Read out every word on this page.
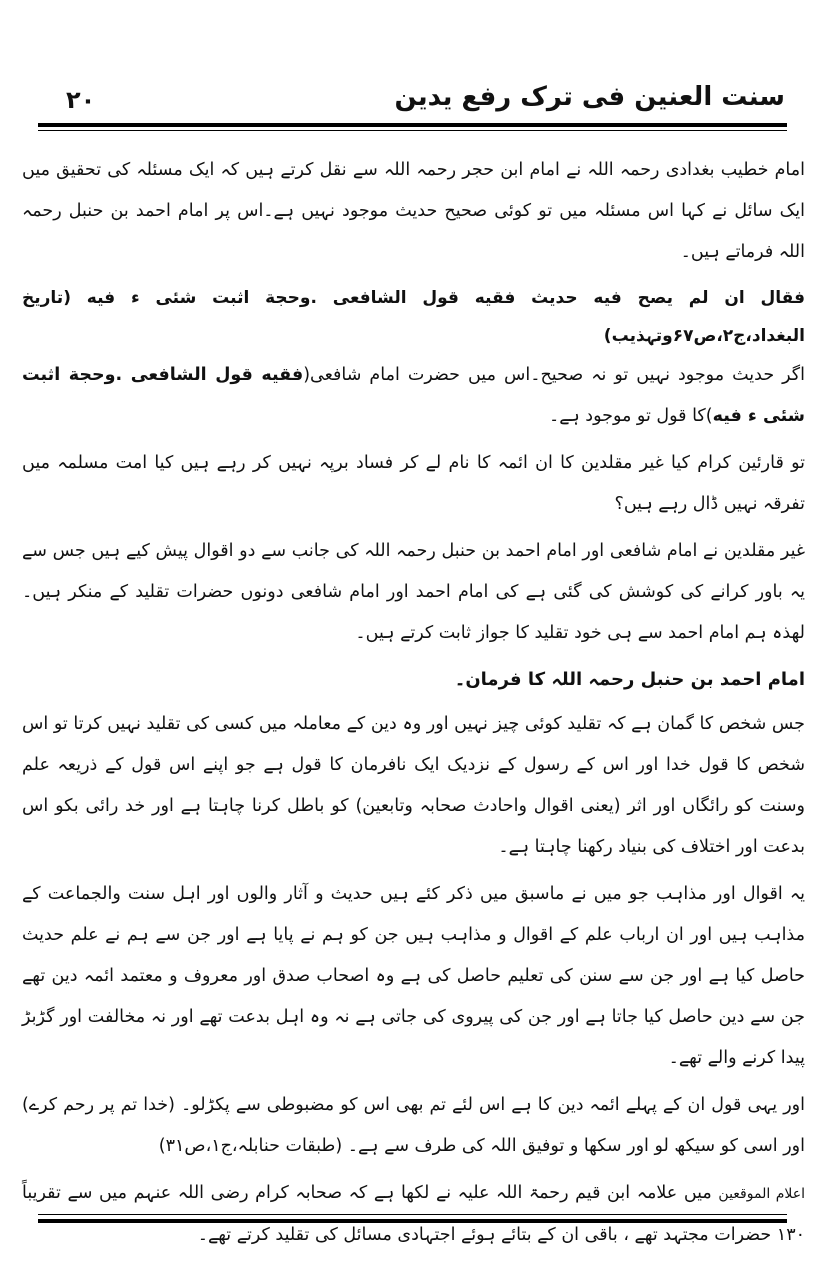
سنت العنین فی ترک رفع یدین
۲۰

امام خطیب بغدادی رحمہ اللہ نے امام ابن حجر رحمہ اللہ سے نقل کرتے ہیں کہ ایک مسئلہ کی تحقیق میں ایک سائل نے کہا اس مسئلہ میں تو کوئی صحیح حدیث موجود نہیں ہے۔اس پر امام احمد بن حنبل رحمہ اللہ فرماتے ہیں۔

فقال ان لم یصح فیه حدیث فقیه قول الشافعی .وحجة اثبت شئی ء فیه (تاریخ البغداد،ج۲،ص۶۷وتہذیب)

اگر حدیث موجود نہیں تو نہ صحیح۔اس میں حضرت امام شافعی(فقیه قول الشافعی .وحجة اثبت شئی ء فیه)کا قول تو موجود ہے۔

تو قارئین کرام کیا غیر مقلدین کا ان ائمہ کا نام لے کر فساد برپہ نہیں کر رہے ہیں کیا امت مسلمہ میں تفرقہ نہیں ڈال رہے ہیں؟

غیر مقلدین نے امام شافعی اور امام احمد بن حنبل رحمہ اللہ کی جانب سے دو اقوال پیش کیے ہیں جس سے یہ باور کرانے کی کوشش کی گئی ہے کی امام احمد اور امام شافعی دونوں حضرات تقلید کے منکر ہیں۔لھذہ ہم امام احمد سے ہی خود تقلید کا جواز ثابت کرتے ہیں۔

امام احمد بن حنبل رحمہ اللہ کا فرمان۔

جس شخص کا گمان ہے کہ تقلید کوئی چیز نہیں اور وہ دین کے معاملہ میں کسی کی تقلید نہیں کرتا تو اس شخص کا قول خدا اور اس کے رسول کے نزدیک ایک نافرمان کا قول ہے جو اپنے اس قول کے ذریعہ علم وسنت کو رائگاں اور اثر (یعنی اقوال واحادث صحابہ وتابعین) کو باطل کرنا چاہتا ہے اور خد رائی بکو اس بدعت اور اختلاف کی بنیاد رکھنا چاہتا ہے۔

یہ اقوال اور مذاہب جو میں نے ماسبق میں ذکر کئے ہیں حدیث و آثار والوں اور اہل سنت والجماعت کے مذاہب ہیں اور ان ارباب علم کے اقوال و مذاہب ہیں جن کو ہم نے پایا ہے اور جن سے ہم نے علم حدیث حاصل کیا ہے اور جن سے سنن کی تعلیم حاصل کی ہے وہ اصحاب صدق اور معروف و معتمد ائمہ دین تھے جن سے دین حاصل کیا جاتا ہے اور جن کی پیروی کی جاتی ہے نہ وہ اہل بدعت تھے اور نہ مخالفت اور گڑبڑ پیدا کرنے والے تھے۔

اور یہی قول ان کے پہلے ائمہ دین کا ہے اس لئے تم بھی اس کو مضبوطی سے پکڑلو۔ (خدا تم پر رحم کرے) اور اسی کو سیکھ لو اور سکھا و توفیق اللہ کی طرف سے ہے۔ (طبقات حنابلہ،ج۱،ص۳۱)

اعلام الموقعین میں علامہ ابن قیم رحمۃ اللہ علیہ نے لکھا ہے کہ صحابہ کرام رضی اللہ عنہم میں سے تقریباً ۱۳۰ حضرات مجتہد تھے ، باقی ان کے بتائے ہوئے اجتہادی مسائل کی تقلید کرتے تھے۔
